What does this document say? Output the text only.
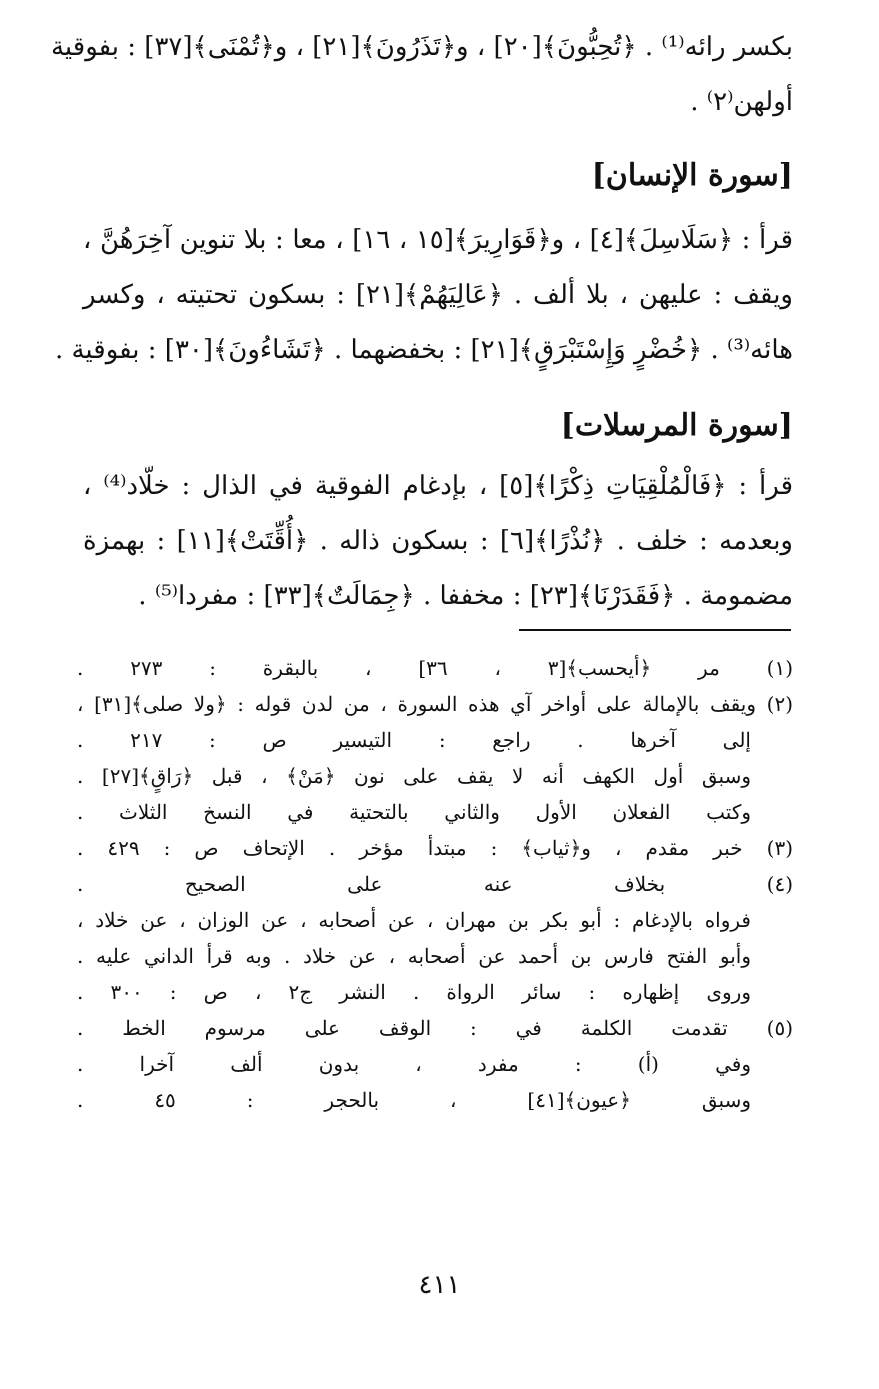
بكسر رائه⁽¹⁾ . ﴿تُحِبُّونَ﴾[٢٠] ، و﴿تَذَرُونَ﴾[٢١] ، و﴿تُمْنَى﴾[٣٧] : بفوقية
أولهن⁽٢⁾ .
[سورة الإنسان]
قرأ : ﴿سَلَاسِلَ﴾[٤] ، و﴿قَوَارِيرَ﴾[١٥ ، ١٦] ، معا : بلا تنوين آخِرَهُنَّ ،
ويقف : عليهن ، بلا ألف . ﴿عَالِيَهُمْ﴾[٢١] : بسكون تحتيته ، وكسر
هائه⁽³⁾ . ﴿خُضْرٍ وَإِسْتَبْرَقٍ﴾[٢١] : بخفضهما . ﴿تَشَاءُونَ﴾[٣٠] : بفوقية .
[سورة المرسلات]
قرأ : ﴿فَالْمُلْقِيَاتِ ذِكْرًا﴾[٥] ، بإدغام الفوقية في الذال : خلّاد⁽⁴⁾ ،
وبعدمه : خلف . ﴿نُذْرًا﴾[٦] : بسكون ذاله . ﴿أُقِّتَتْ﴾[١١] : بهمزة
مضمومة . ﴿فَقَدَرْنَا﴾[٢٣] : مخففا . ﴿جِمَالَتٌ﴾[٣٣] : مفردا⁽⁵⁾ .
(١) مر ﴿أيحسب﴾[٣ ، ٣٦] ، بالبقرة : ٢٧٣ .
(٢) ويقف بالإمالة على أواخر آي هذه السورة ، من لدن قوله : ﴿ولا صلى﴾[٣١] ،
إلى آخرها . راجع : التيسير ص : ٢١٧ .
وسبق أول الكهف أنه لا يقف على نون ﴿مَنْ﴾ ، قبل ﴿رَاقٍ﴾[٢٧] .
وكتب الفعلان الأول والثاني بالتحتية في النسخ الثلاث .
(٣) خبر مقدم ، و﴿ثياب﴾ : مبتدأ مؤخر . الإتحاف ص : ٤٢٩ .
(٤) بخلاف عنه على الصحيح .
فرواه بالإدغام : أبو بكر بن مهران ، عن أصحابه ، عن الوزان ، عن خلاد ،
وأبو الفتح فارس بن أحمد عن أصحابه ، عن خلاد . وبه قرأ الداني عليه .
وروى إظهاره : سائر الرواة . النشر ج٢ ، ص : ٣٠٠ .
(٥) تقدمت الكلمة في : الوقف على مرسوم الخط .
وفي (أ) : مفرد ، بدون ألف آخرا .
وسبق ﴿عيون﴾[٤١] ، بالحجر : ٤٥ .
٤١١
